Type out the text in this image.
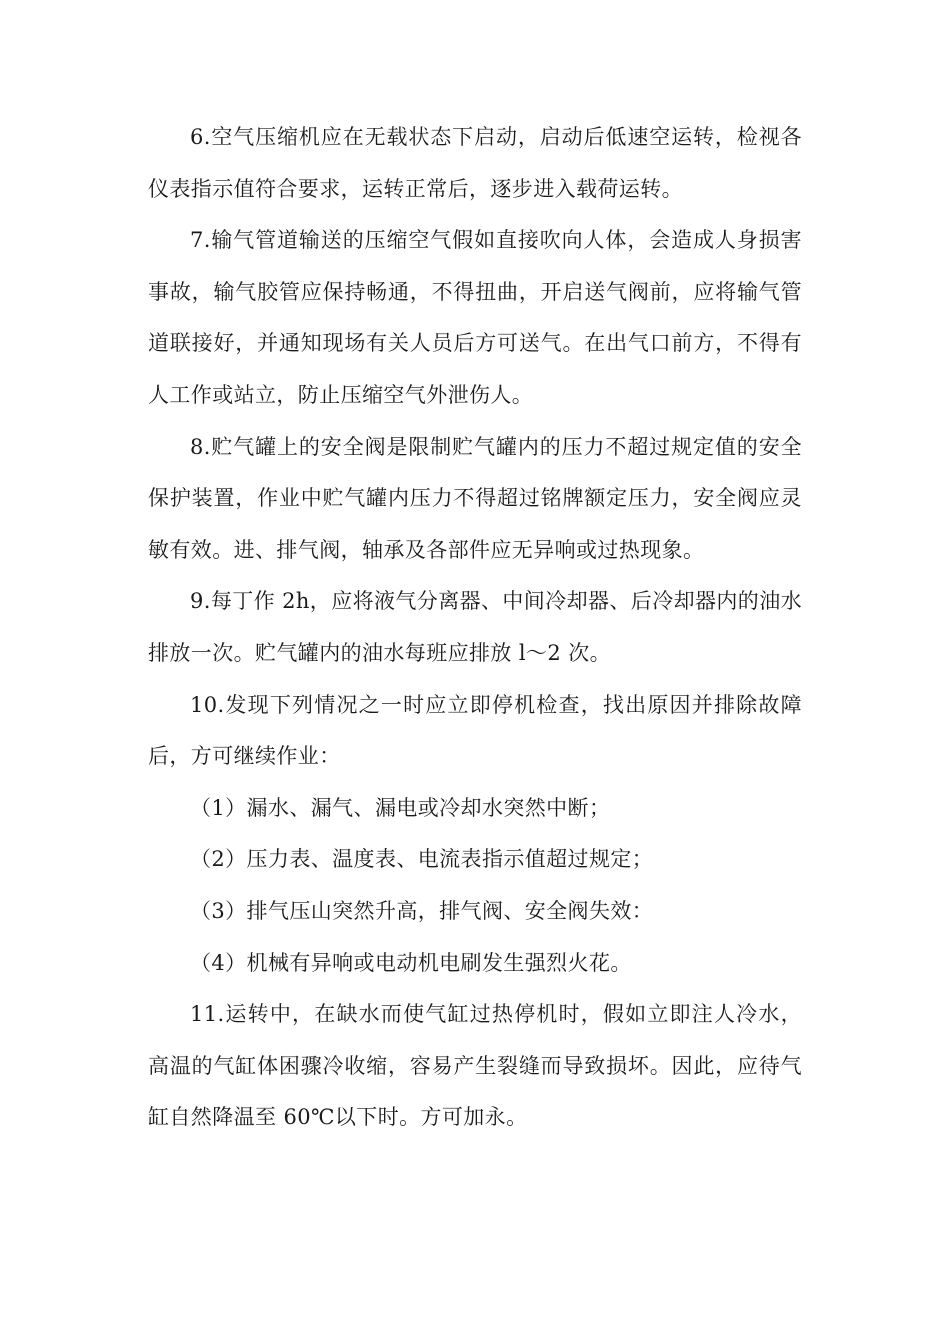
6.空气压缩机应在无载状态下启动，启动后低速空运转，检视各仪表指示值符合要求，运转正常后，逐步进入载荷运转。

7.输气管道输送的压缩空气假如直接吹向人体，会造成人身损害事故，输气胶管应保持畅通，不得扭曲，开启送气阀前，应将输气管道联接好，并通知现场有关人员后方可送气。在出气口前方，不得有人工作或站立，防止压缩空气外泄伤人。

8.贮气罐上的安全阀是限制贮气罐内的压力不超过规定值的安全保护装置，作业中贮气罐内压力不得超过铭牌额定压力，安全阀应灵敏有效。进、排气阀，轴承及各部件应无异响或过热现象。

9.每丁作 2h，应将液气分离器、中间冷却器、后冷却器内的油水排放一次。贮气罐内的油水每班应排放 l～2 次。

10.发现下列情况之一时应立即停机检查，找出原因并排除故障后，方可继续作业：

（1）漏水、漏气、漏电或冷却水突然中断；

（2）压力表、温度表、电流表指示值超过规定；

（3）排气压山突然升高，排气阀、安全阀失效：

（4）机械有异响或电动机电刷发生强烈火花。

11.运转中，在缺水而使气缸过热停机时，假如立即注人冷水，高温的气缸体困骤冷收缩，容易产生裂缝而导致损坏。因此，应待气缸自然降温至 60℃以下时。方可加永。
